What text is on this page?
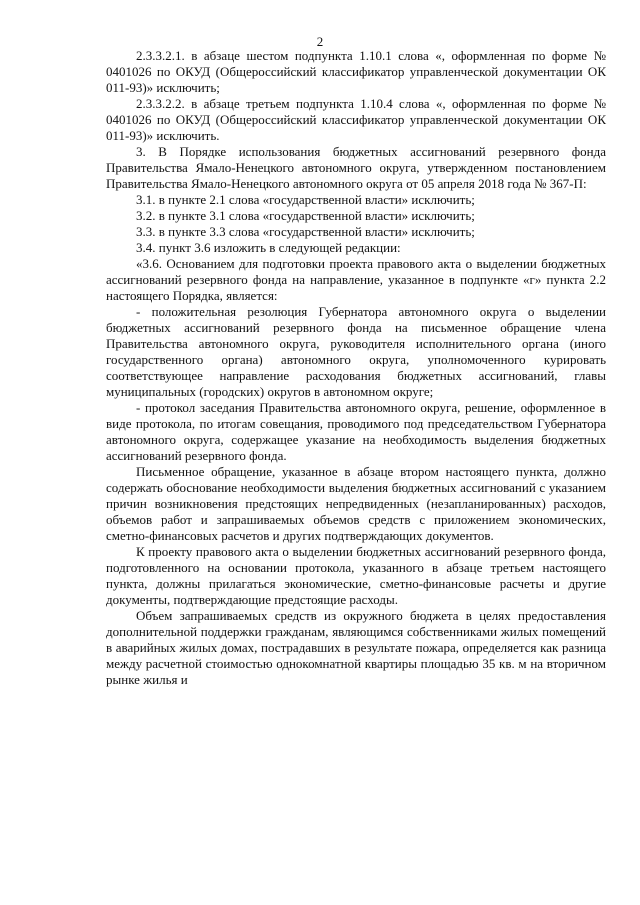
2

2.3.3.2.1. в абзаце шестом подпункта 1.10.1 слова «, оформленная по форме № 0401026 по ОКУД (Общероссийский классификатор управленческой документации ОК 011-93)» исключить;

2.3.3.2.2. в абзаце третьем подпункта 1.10.4 слова «, оформленная по форме № 0401026 по ОКУД (Общероссийский классификатор управленческой документации ОК 011-93)» исключить.

3. В Порядке использования бюджетных ассигнований резервного фонда Правительства Ямало-Ненецкого автономного округа, утвержденном постановлением Правительства Ямало-Ненецкого автономного округа от 05 апреля 2018 года № 367-П:

3.1. в пункте 2.1 слова «государственной власти» исключить;

3.2. в пункте 3.1 слова «государственной власти» исключить;

3.3. в пункте 3.3 слова «государственной власти» исключить;

3.4. пункт 3.6 изложить в следующей редакции:

«3.6. Основанием для подготовки проекта правового акта о выделении бюджетных ассигнований резервного фонда на направление, указанное в подпункте «г» пункта 2.2 настоящего Порядка, является:

- положительная резолюция Губернатора автономного округа о выделении бюджетных ассигнований резервного фонда на письменное обращение члена Правительства автономного округа, руководителя исполнительного органа (иного государственного органа) автономного округа, уполномоченного курировать соответствующее направление расходования бюджетных ассигнований, главы муниципальных (городских) округов в автономном округе;

- протокол заседания Правительства автономного округа, решение, оформленное в виде протокола, по итогам совещания, проводимого под председательством Губернатора автономного округа, содержащее указание на необходимость выделения бюджетных ассигнований резервного фонда.

Письменное обращение, указанное в абзаце втором настоящего пункта, должно содержать обоснование необходимости выделения бюджетных ассигнований с указанием причин возникновения предстоящих непредвиденных (незапланированных) расходов, объемов работ и запрашиваемых объемов средств с приложением экономических, сметно-финансовых расчетов и других подтверждающих документов.

К проекту правового акта о выделении бюджетных ассигнований резервного фонда, подготовленного на основании протокола, указанного в абзаце третьем настоящего пункта, должны прилагаться экономические, сметно-финансовые расчеты и другие документы, подтверждающие предстоящие расходы.

Объем запрашиваемых средств из окружного бюджета в целях предоставления дополнительной поддержки гражданам, являющимся собственниками жилых помещений в аварийных жилых домах, пострадавших в результате пожара, определяется как разница между расчетной стоимостью однокомнатной квартиры площадью 35 кв. м на вторичном рынке жилья и
